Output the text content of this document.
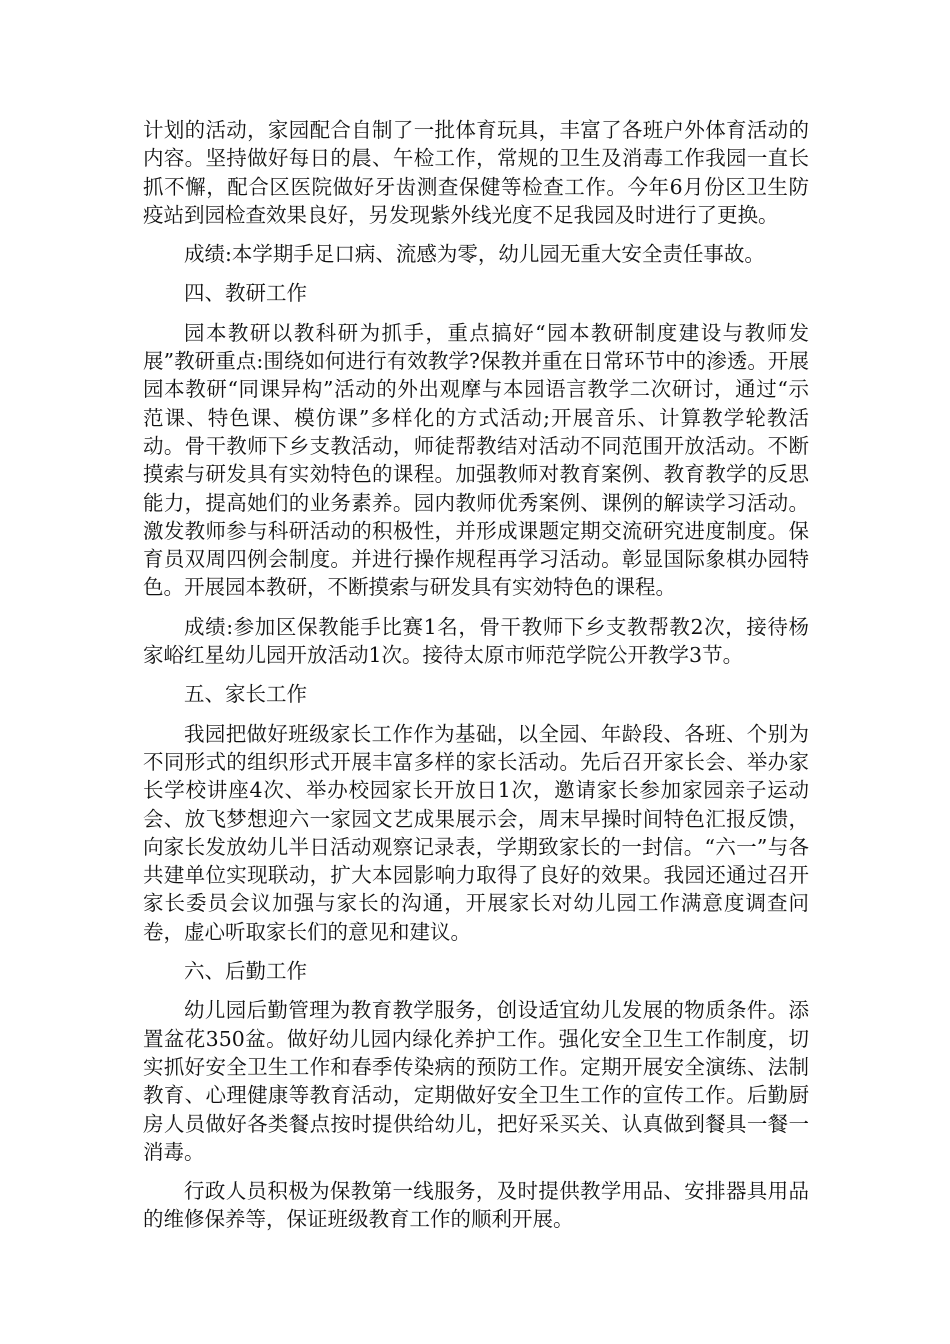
计划的活动，家园配合自制了一批体育玩具，丰富了各班户外体育活动的内容。坚持做好每日的晨、午检工作，常规的卫生及消毒工作我园一直长抓不懈，配合区医院做好牙齿测查保健等检查工作。今年6月份区卫生防疫站到园检查效果良好，另发现紫外线光度不足我园及时进行了更换。

成绩:本学期手足口病、流感为零，幼儿园无重大安全责任事故。

四、教研工作

园本教研以教科研为抓手，重点搞好“园本教研制度建设与教师发展”教研重点:围绕如何进行有效教学?保教并重在日常环节中的渗透。开展园本教研“同课异构”活动的外出观摩与本园语言教学二次研讨，通过“示范课、特色课、模仿课”多样化的方式活动;开展音乐、计算教学轮教活动。骨干教师下乡支教活动，师徒帮教结对活动不同范围开放活动。不断摸索与研发具有实効特色的课程。加强教师对教育案例、教育教学的反思能力，提高她们的业务素养。园内教师优秀案例、课例的解读学习活动。激发教师参与科研活动的积极性，并形成课题定期交流研究进度制度。保育员双周四例会制度。并进行操作规程再学习活动。彰显国际象棋办园特色。开展园本教研，不断摸索与研发具有实効特色的课程。

成绩:参加区保教能手比赛1名，骨干教师下乡支教帮教2次，接待杨家峪红星幼儿园开放活动1次。接待太原市师范学院公开教学3节。

五、家长工作

我园把做好班级家长工作作为基础，以全园、年龄段、各班、个别为不同形式的组织形式开展丰富多样的家长活动。先后召开家长会、举办家长学校讲座4次、举办校园家长开放日1次，邀请家长参加家园亲子运动会、放飞梦想迎六一家园文艺成果展示会，周末早操时间特色汇报反馈，向家长发放幼儿半日活动观察记录表，学期致家长的一封信。“六一”与各共建单位实现联动，扩大本园影响力取得了良好的效果。我园还通过召开家长委员会议加强与家长的沟通，开展家长对幼儿园工作满意度调查问卷，虚心听取家长们的意见和建议。

六、后勤工作

幼儿园后勤管理为教育教学服务，创设适宜幼儿发展的物质条件。添置盆花350盆。做好幼儿园内绿化养护工作。强化安全卫生工作制度，切实抓好安全卫生工作和春季传染病的预防工作。定期开展安全演练、法制教育、心理健康等教育活动，定期做好安全卫生工作的宣传工作。后勤厨房人员做好各类餐点按时提供给幼儿，把好采买关、认真做到餐具一餐一消毒。

行政人员积极为保教第一线服务，及时提供教学用品、安排器具用品的维修保养等，保证班级教育工作的顺利开展。
